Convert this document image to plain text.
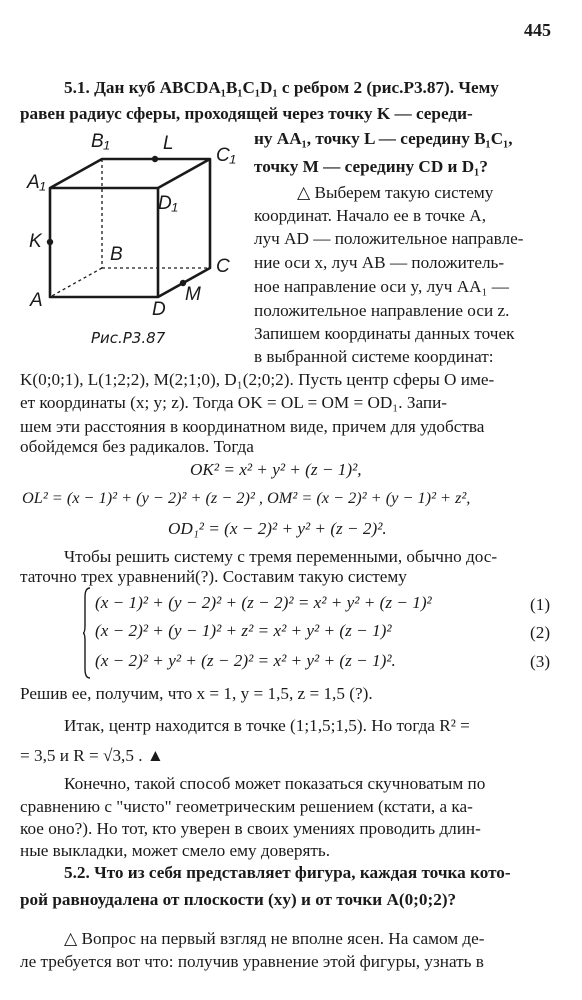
445
5.1. Дан куб ABCDA₁B₁C₁D₁ с ребром 2 (рис.Р3.87). Чему
равен радиус сферы, проходящей через точку K — середи-
ну AA₁, точку L — середину B₁C₁,
точку M — середину CD и D₁?
B₁	L
C₁
A₁
D₁
K
B
C
A	D
M
Рис.Р3.87
△ Выберем такую систему
координат. Начало ее в точке A,
луч AD — положительное направле-
ние оси x, луч AB — положитель-
ное направление оси y, луч AA₁ —
положительное направление оси z.
Запишем координаты данных точек
в выбранной системе координат:
K(0;0;1), L(1;2;2), M(2;1;0), D₁(2;0;2). Пусть центр сферы O име-
ет координаты (x; y; z). Тогда OK = OL = OM = OD₁. Запи-
шем эти расстояния в координатном виде, причем для удобства
обойдемся без радикалов. Тогда
OK² = x² + y² + (z − 1)²,
OL² = (x − 1)² + (y − 2)² + (z − 2)² , OM² = (x − 2)² + (y − 1)² + z²,
OD₁² = (x − 2)² + y² + (z − 2)².
Чтобы решить систему с тремя переменными, обычно дос-
таточно трех уравнений(?). Составим такую систему
(x − 1)² + (y − 2)² + (z − 2)² = x² + y² + (z − 1)²	(1)
(x − 2)² + (y − 1)² + z² = x² + y² + (z − 1)²	(2)
(x − 2)² + y² + (z − 2)² = x² + y² + (z − 1)².	(3)
Решив ее, получим, что x = 1, y = 1,5, z = 1,5 (?).
Итак, центр находится в точке (1;1,5;1,5). Но тогда R² =
= 3,5 и R = √3,5 . ▲
Конечно, такой способ может показаться скучноватым по
сравнению с "чисто" геометрическим решением (кстати, а ка-
кое оно?). Но тот, кто уверен в своих умениях проводить длин-
ные выкладки, может смело ему доверять.
5.2. Что из себя представляет фигура, каждая точка кото-
рой равноудалена от плоскости (xy) и от точки A(0;0;2)?
△ Вопрос на первый взгляд не вполне ясен. На самом де-
ле требуется вот что: получив уравнение этой фигуры, узнать в
